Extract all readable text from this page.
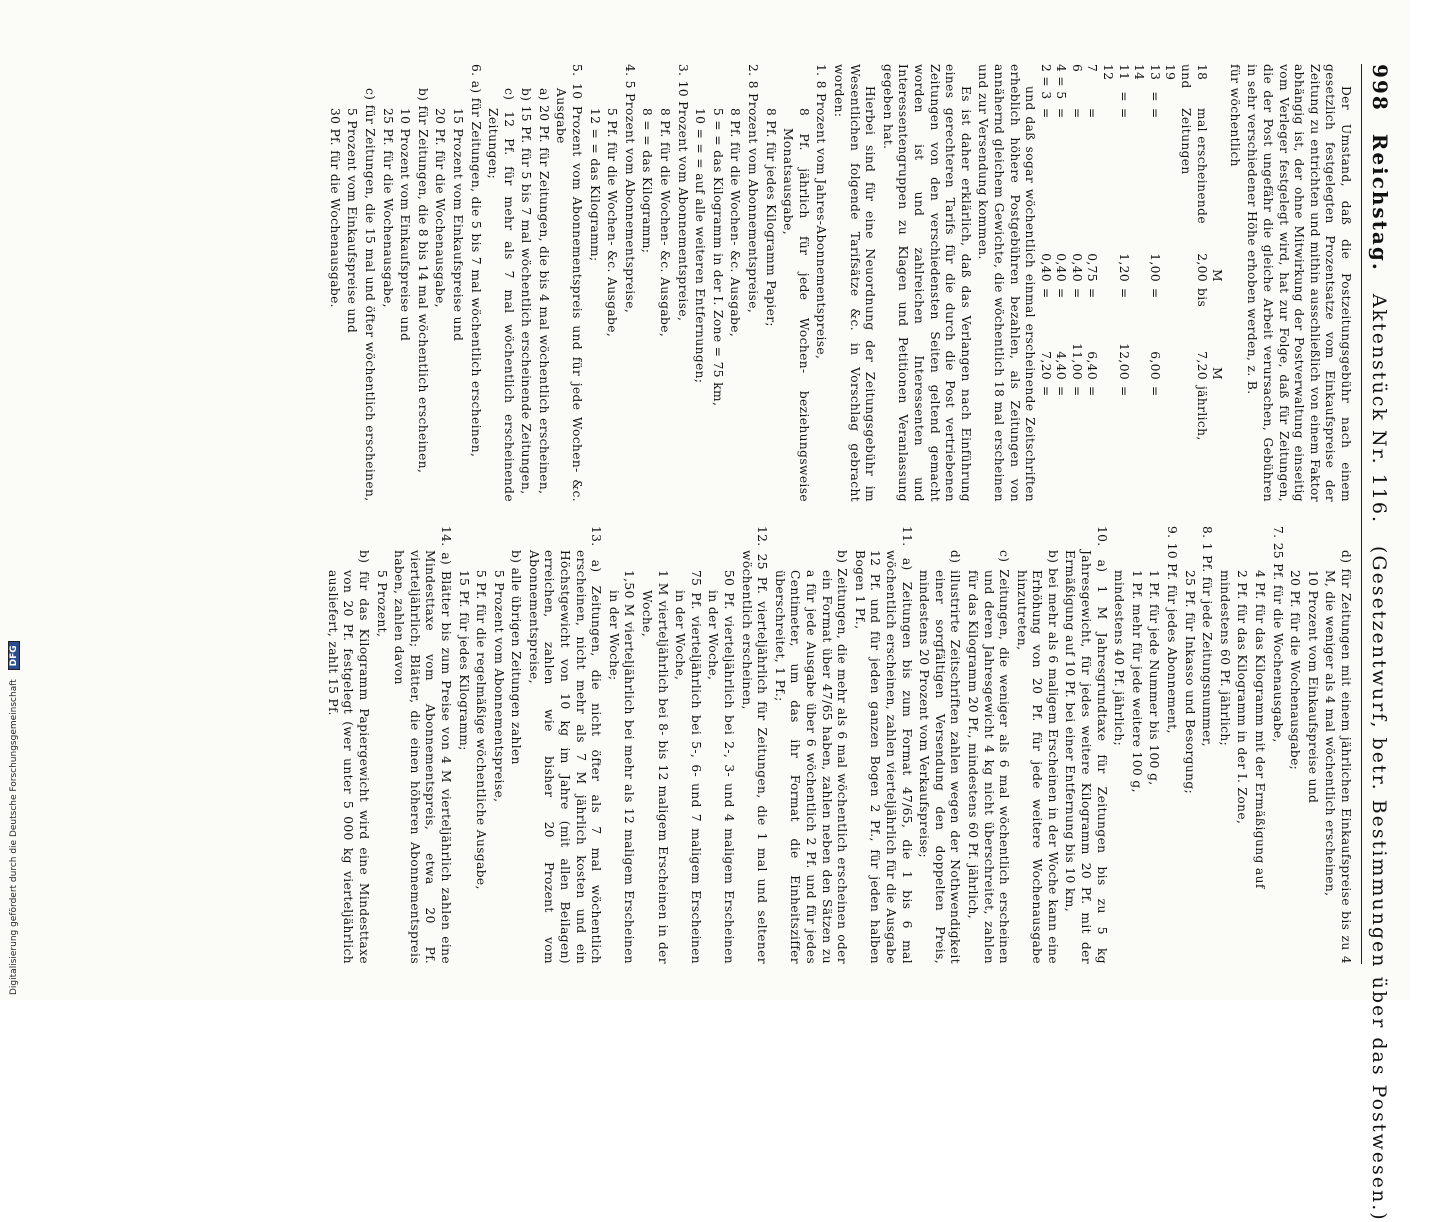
998
Reichstag.
Aktenstück Nr. 116.
(Gesetzentwurf, betr. Bestimmungen über das Postwesen.)

Der Umstand, daß die Postzeitungsgebühr nach einem gesetzlich festgelegten Prozentsatze vom Einkaufspreise der Zeitung zu entrichten und mithin ausschließlich von einem Faktor abhängig ist, der ohne Mitwirkung der Postverwaltung einseitig vom Verleger festgelegt wird, hat zur Folge, daß für Zeitungen, die der Post ungefähr die gleiche Arbeit verursachen, Gebühren in sehr verschiedener Höhe erhoben werden, z. B.

für wöchentlich

M
M
18 und 19
mal erscheinende Zeitungen
2,00
bis
7,20
jährlich,
13 = 14
=
1,00
=
6,00
=
11 = 12
=
1,20
=
12,00
=
7
=
0,75
=
6,40
=
6
=
0,40
=
11,00
=
4 = 5
=
0,40
=
4,40
=
2 = 3
=
0,40
=
7,20
=

und daß sogar wöchentlich einmal erscheinende Zeitschriften erheblich höhere Postgebühren bezahlen, als Zeitungen von annähernd gleichem Gewichte, die wöchentlich 18 mal erscheinen und zur Versendung kommen.

Es ist daher erklärlich, daß das Verlangen nach Einführung eines gerechteren Tarifs für die durch die Post vertriebenen Zeitungen von den verschiedensten Seiten geltend gemacht worden ist und zahlreichen Interessenten und Interessentengruppen zu Klagen und Petitionen Veranlassung gegeben hat.

Hierbei sind für eine Neuordnung der Zeitungsgebühr im Wesentlichen folgende Tarifsätze &c. in Vorschlag gebracht worden:

1. 8 Prozent vom Jahres-Abonnementspreise,

8 Pf. jährlich für jede Wochen- beziehungsweise Monatsausgabe,

8 Pf. für jedes Kilogramm Papier;

2. 8 Prozent vom Abonnementspreise,

8 Pf. für die Wochen- &c. Ausgabe,

5 = = das Kilogramm in der I. Zone = 75 km,

10 = = = auf alle weiteren Entfernungen;

3. 10 Prozent vom Abonnementspreise,

8 Pf. für die Wochen- &c. Ausgabe,

8 = = das Kilogramm;

4. 5 Prozent vom Abonnementspreise,

5 Pf. für die Wochen- &c. Ausgabe,

12 = = das Kilogramm;

5. 10 Prozent vom Abonnementspreis und für jede Wochen- &c. Ausgabe

a) 20 Pf. für Zeitungen, die bis 4 mal wöchentlich erscheinen,

b) 15 Pf. für 5 bis 7 mal wöchentlich erscheinende Zeitungen,

c) 12 Pf. für mehr als 7 mal wöchentlich erscheinende Zeitungen;

6. a) für Zeitungen, die 5 bis 7 mal wöchentlich erscheinen,

15 Prozent vom Einkaufspreise und

20 Pf. für die Wochenausgabe,

b) für Zeitungen, die 8 bis 14 mal wöchentlich erscheinen,

10 Prozent vom Einkaufspreise und

25 Pf. für die Wochenausgabe,

c) für Zeitungen, die 15 mal und öfter wöchentlich erscheinen,

5 Prozent vom Einkaufspreise und

30 Pf. für die Wochenausgabe.

d) für Zeitungen mit einem jährlichen Einkaufspreise bis zu 4 M, die weniger als 4 mal wöchentlich erscheinen,

10 Prozent vom Einkaufspreise und

20 Pf. für die Wochenausgabe;

7. 25 Pf. für die Wochenausgabe,

4 Pf. für das Kilogramm mit der Ermäßigung auf

2 Pf. für das Kilogramm in der I. Zone,

mindestens 60 Pf. jährlich;

8. 1 Pf. für jede Zeitungsnummer,

25 Pf. für Inkasso und Besorgung;

9. 10 Pf. für jedes Abonnement,

1 Pf. für jede Nummer bis 100 g,

1 Pf. mehr für jede weitere 100 g,

mindestens 40 Pf. jährlich;

10. a) 1 M Jahresgrundtaxe für Zeitungen bis zu 5 kg Jahresgewicht, für jedes weitere Kilogramm 20 Pf. mit der Ermäßigung auf 10 Pf. bei einer Entfernung bis 10 km,

b) bei mehr als 6 maligem Erscheinen in der Woche kann eine Erhöhung von 20 Pf. für jede weitere Wochenausgabe hinzutreten,

c) Zeitungen, die weniger als 6 mal wöchentlich erscheinen und deren Jahresgewicht 4 kg nicht überschreitet, zahlen für das Kilogramm 20 Pf., mindestens 60 Pf. jährlich,

d) illustrirte Zeitschriften zahlen wegen der Nothwendigkeit einer sorgfältigen Versendung den doppelten Preis, mindestens 20 Prozent vom Verkaufspreise;

11. a) Zeitungen bis zum Format 47/65, die 1 bis 6 mal wöchentlich erscheinen, zahlen vierteljährlich für die Ausgabe 12 Pf. und für jeden ganzen Bogen 2 Pf., für jeden halben Bogen 1 Pf.,

b) Zeitungen, die mehr als 6 mal wöchentlich erscheinen oder ein Format über 47/65 haben, zahlen neben den Sätzen zu a für jede Ausgabe über 6 wöchentlich 2 Pf. und für jedes Centimeter, um das ihr Format die Einheitsziffer überschreitet, 1 Pf.;

12. 25 Pf. vierteljährlich für Zeitungen, die 1 mal und seltener wöchentlich erscheinen,

50 Pf. vierteljährlich bei 2-, 3- und 4 maligem Erscheinen in der Woche,

75 Pf. vierteljährlich bei 5-, 6- und 7 maligem Erscheinen in der Woche,

1 M vierteljährlich bei 8- bis 12 maligem Erscheinen in der Woche,

1,50 M vierteljährlich bei mehr als 12 maligem Erscheinen in der Woche;

13. a) Zeitungen, die nicht öfter als 7 mal wöchentlich erscheinen, nicht mehr als 7 M jährlich kosten und ein Höchstgewicht von 10 kg im Jahre (mit allen Beilagen) erreichen, zahlen wie bisher 20 Prozent vom Abonnementspreise,

b) alle übrigen Zeitungen zahlen

5 Prozent vom Abonnementspreise,

5 Pf. für die regelmäßige wöchentliche Ausgabe,

15 Pf. für jedes Kilogramm;

14. a) Blätter bis zum Preise von 4 M vierteljährlich zahlen eine Mindesttaxe vom Abonnementspreis, etwa 20 Pf. vierteljährlich; Blätter, die einen höheren Abonnementspreis haben, zahlen davon

5 Prozent,

b) für das Kilogramm Papiergewicht wird eine Mindesttaxe von 20 Pf. festgelegt (wer unter 5 000 kg vierteljährlich ausliefert, zahlt 15 Pf.

Digitalisierung gefördert durch die Deutsche Forschungsgemeinschaft DFG
